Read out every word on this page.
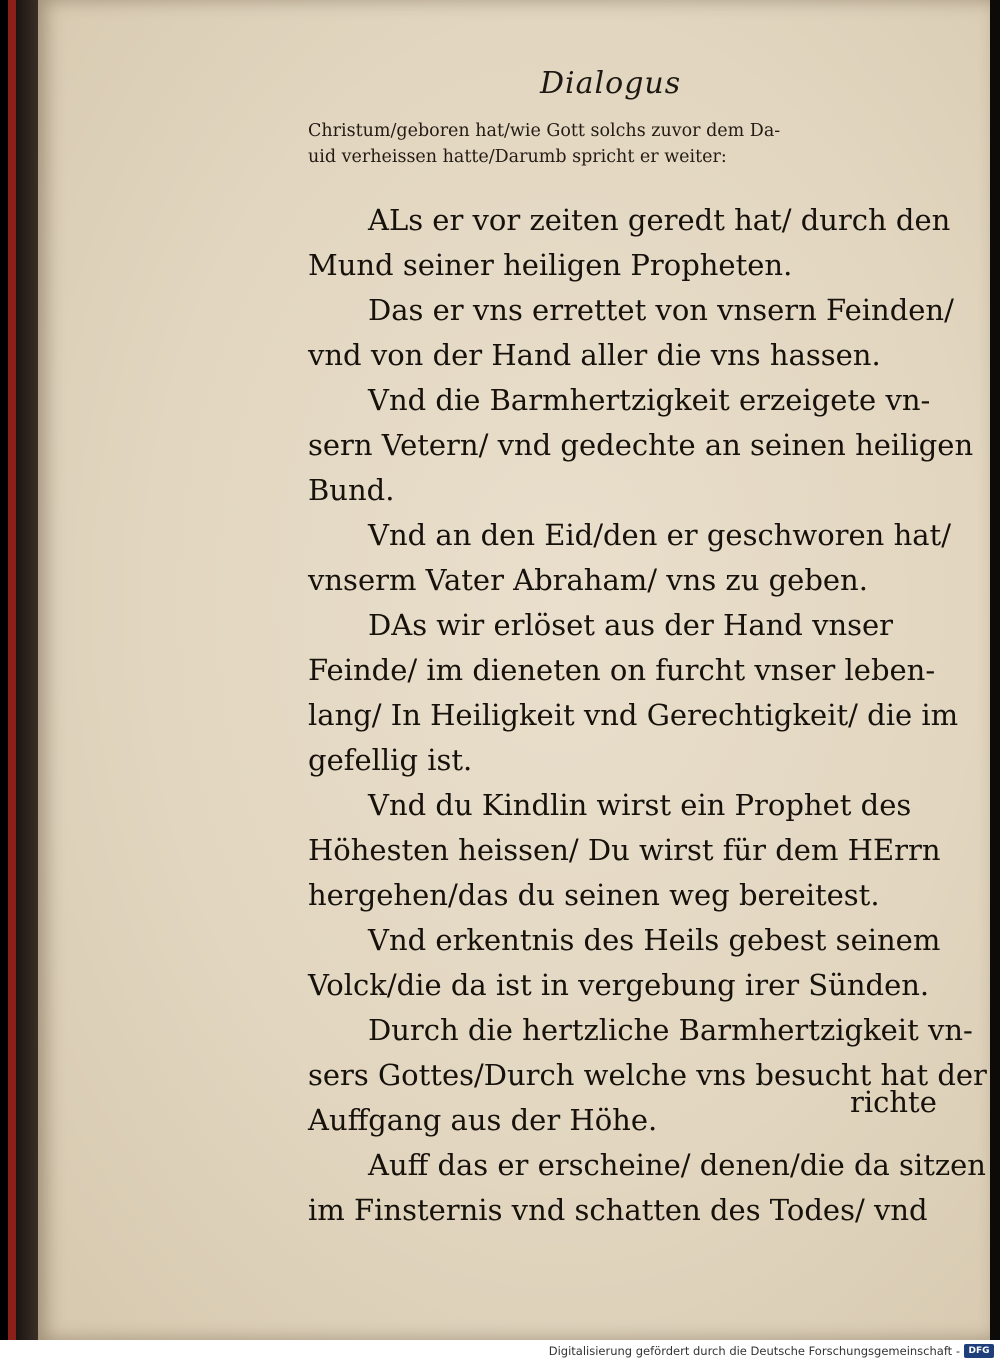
Dialogus
Christum/geboren hat/wie Gott solchs zuvor dem Da-
uid verheissen hatte/Darumb spricht er weiter:
ALs er vor zeiten geredt hat/ durch den
Mund seiner heiligen Propheten.
Das er vns errettet von vnsern Feinden/
vnd von der Hand aller die vns hassen.
Vnd die Barmhertzigkeit erzeigete vn-
sern Vetern/ vnd gedechte an seinen heiligen
Bund.
Vnd an den Eid/den er geschworen hat/
vnserm Vater Abraham/ vns zu geben.
DAs wir erlöset aus der Hand vnser
Feinde/ im dieneten on furcht vnser leben-
lang/ In Heiligkeit vnd Gerechtigkeit/ die im
gefellig ist.
Vnd du Kindlin wirst ein Prophet des
Höhesten heissen/ Du wirst für dem HErrn
hergehen/das du seinen weg bereitest.
Vnd erkentnis des Heils gebest seinem
Volck/die da ist in vergebung irer Sünden.
Durch die hertzliche Barmhertzigkeit vn-
sers Gottes/Durch welche vns besucht hat der
Auffgang aus der Höhe.
Auff das er erscheine/ denen/die da sitzen
im Finsternis vnd schatten des Todes/ vnd
richte
Digitalisierung gefördert durch die Deutsche Forschungsgemeinschaft - DFG
